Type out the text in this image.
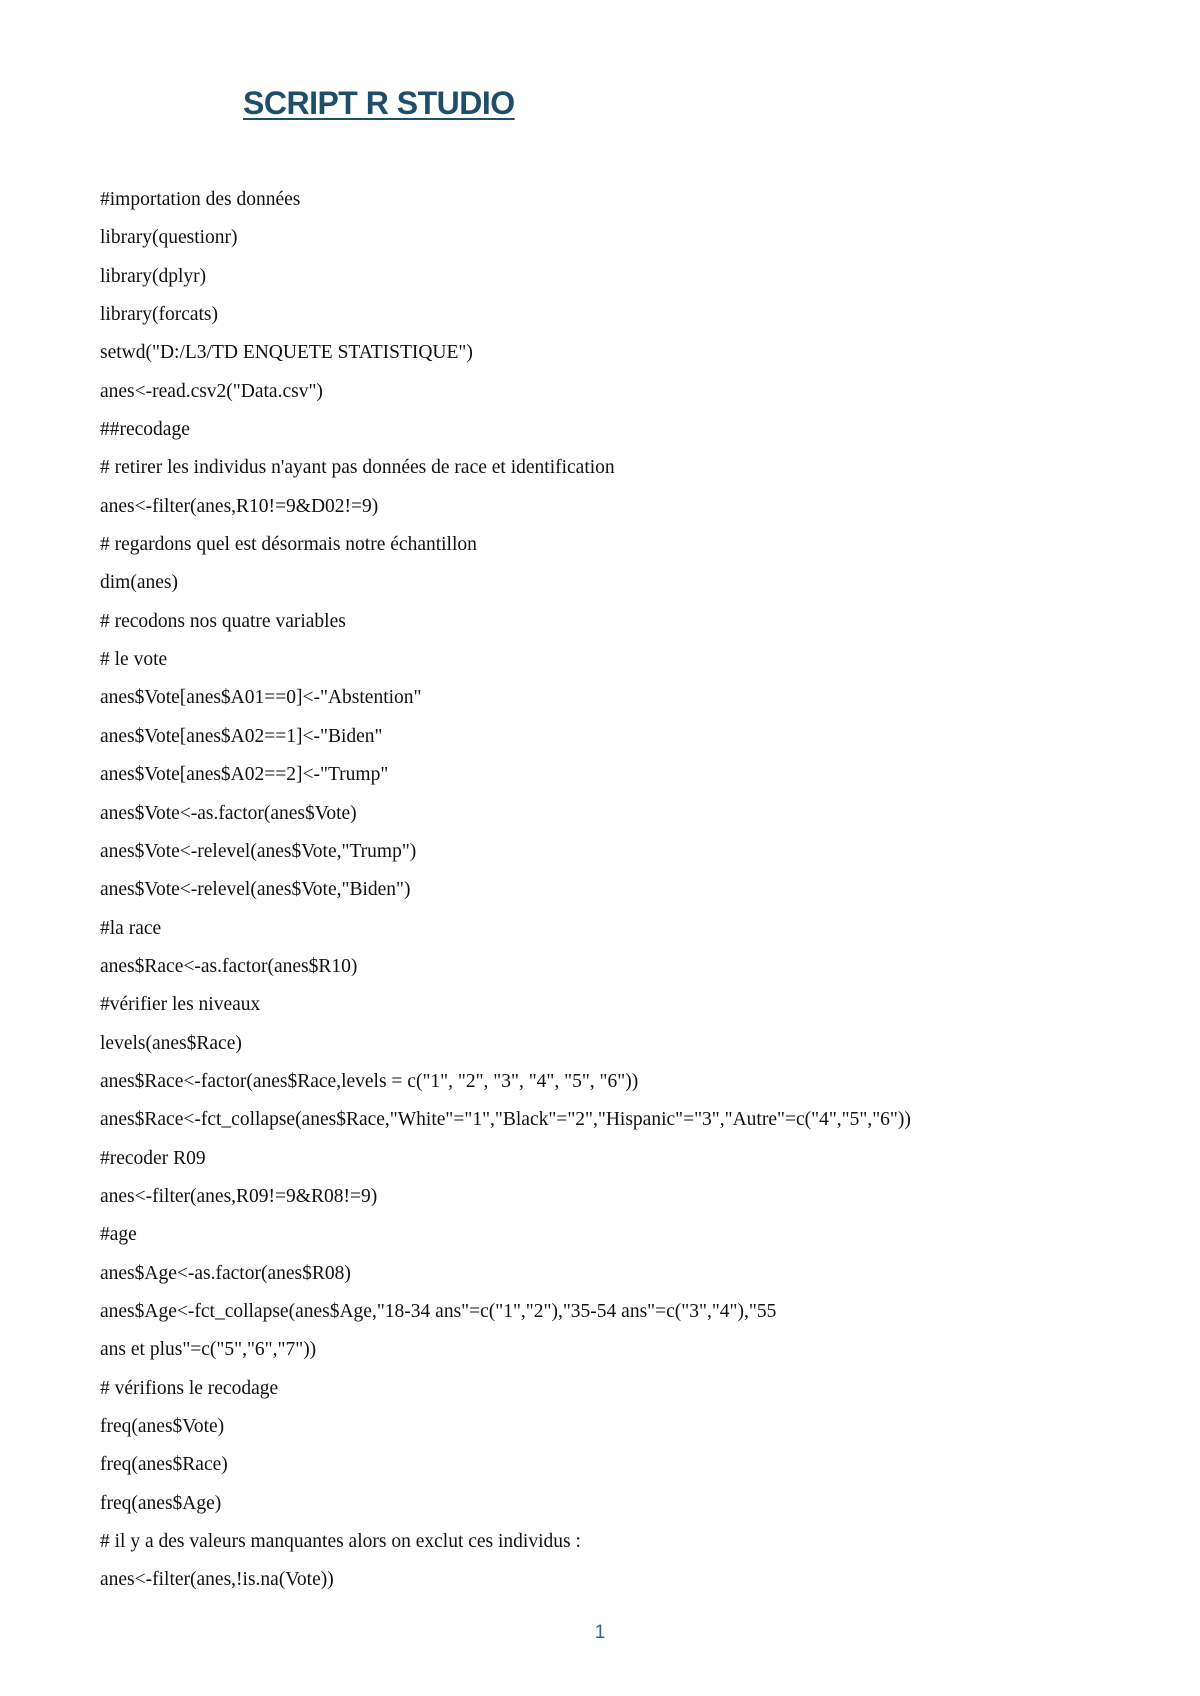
SCRIPT R STUDIO
#importation des données
library(questionr)
library(dplyr)
library(forcats)
setwd("D:/L3/TD ENQUETE STATISTIQUE")
anes<-read.csv2("Data.csv")
##recodage
# retirer les individus n'ayant pas données de race et identification
anes<-filter(anes,R10!=9&D02!=9)
# regardons quel est désormais notre échantillon
dim(anes)
# recodons nos quatre variables
# le vote
anes$Vote[anes$A01==0]<-"Abstention"
anes$Vote[anes$A02==1]<-"Biden"
anes$Vote[anes$A02==2]<-"Trump"
anes$Vote<-as.factor(anes$Vote)
anes$Vote<-relevel(anes$Vote,"Trump")
anes$Vote<-relevel(anes$Vote,"Biden")
#la race
anes$Race<-as.factor(anes$R10)
#vérifier les niveaux
levels(anes$Race)
anes$Race<-factor(anes$Race,levels = c("1", "2", "3", "4", "5", "6"))
anes$Race<-fct_collapse(anes$Race,"White"="1","Black"="2","Hispanic"="3","Autre"=c("4","5","6"))
#recoder R09
anes<-filter(anes,R09!=9&R08!=9)
#age
anes$Age<-as.factor(anes$R08)
anes$Age<-fct_collapse(anes$Age,"18-34 ans"=c("1","2"),"35-54 ans"=c("3","4"),"55
ans et plus"=c("5","6","7"))
# vérifions le recodage
freq(anes$Vote)
freq(anes$Race)
freq(anes$Age)
# il y a des valeurs manquantes alors on exclut ces individus :
anes<-filter(anes,!is.na(Vote))
1
